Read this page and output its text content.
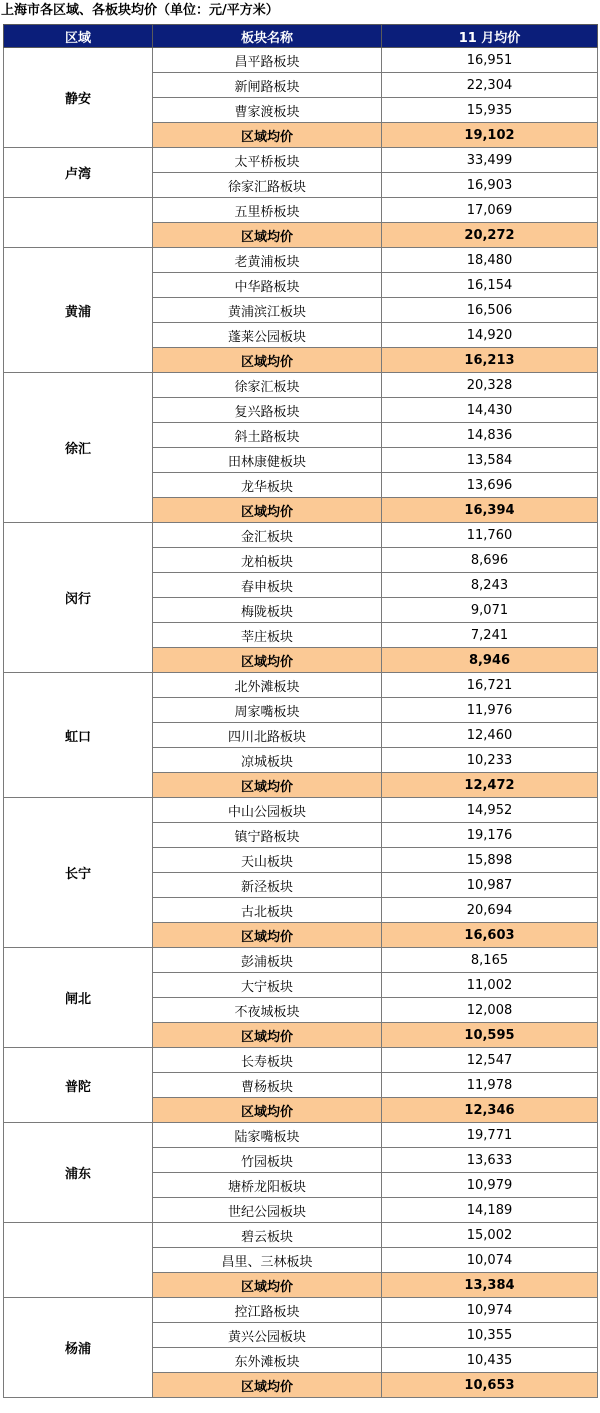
上海市各区域、各板块均价（单位：元/平方米）
区域	板块名称	11 月均价
静安	昌平路板块	16,951
	新闸路板块	22,304
	曹家渡板块	15,935
	区域均价	19,102
卢湾	太平桥板块	33,499
	徐家汇路板块	16,903
	五里桥板块	17,069
	区域均价	20,272
黄浦	老黄浦板块	18,480
	中华路板块	16,154
	黄浦滨江板块	16,506
	蓬莱公园板块	14,920
	区域均价	16,213
徐汇	徐家汇板块	20,328
	复兴路板块	14,430
	斜土路板块	14,836
	田林康健板块	13,584
	龙华板块	13,696
	区域均价	16,394
闵行	金汇板块	11,760
	龙柏板块	8,696
	春申板块	8,243
	梅陇板块	9,071
	莘庄板块	7,241
	区域均价	8,946
虹口	北外滩板块	16,721
	周家嘴板块	11,976
	四川北路板块	12,460
	凉城板块	10,233
	区域均价	12,472
长宁	中山公园板块	14,952
	镇宁路板块	19,176
	天山板块	15,898
	新泾板块	10,987
	古北板块	20,694
	区域均价	16,603
闸北	彭浦板块	8,165
	大宁板块	11,002
	不夜城板块	12,008
	区域均价	10,595
普陀	长寿板块	12,547
	曹杨板块	11,978
	区域均价	12,346
浦东	陆家嘴板块	19,771
	竹园板块	13,633
	塘桥龙阳板块	10,979
	世纪公园板块	14,189
	碧云板块	15,002
	昌里、三林板块	10,074
	区域均价	13,384
杨浦	控江路板块	10,974
	黄兴公园板块	10,355
	东外滩板块	10,435
	区域均价	10,653
